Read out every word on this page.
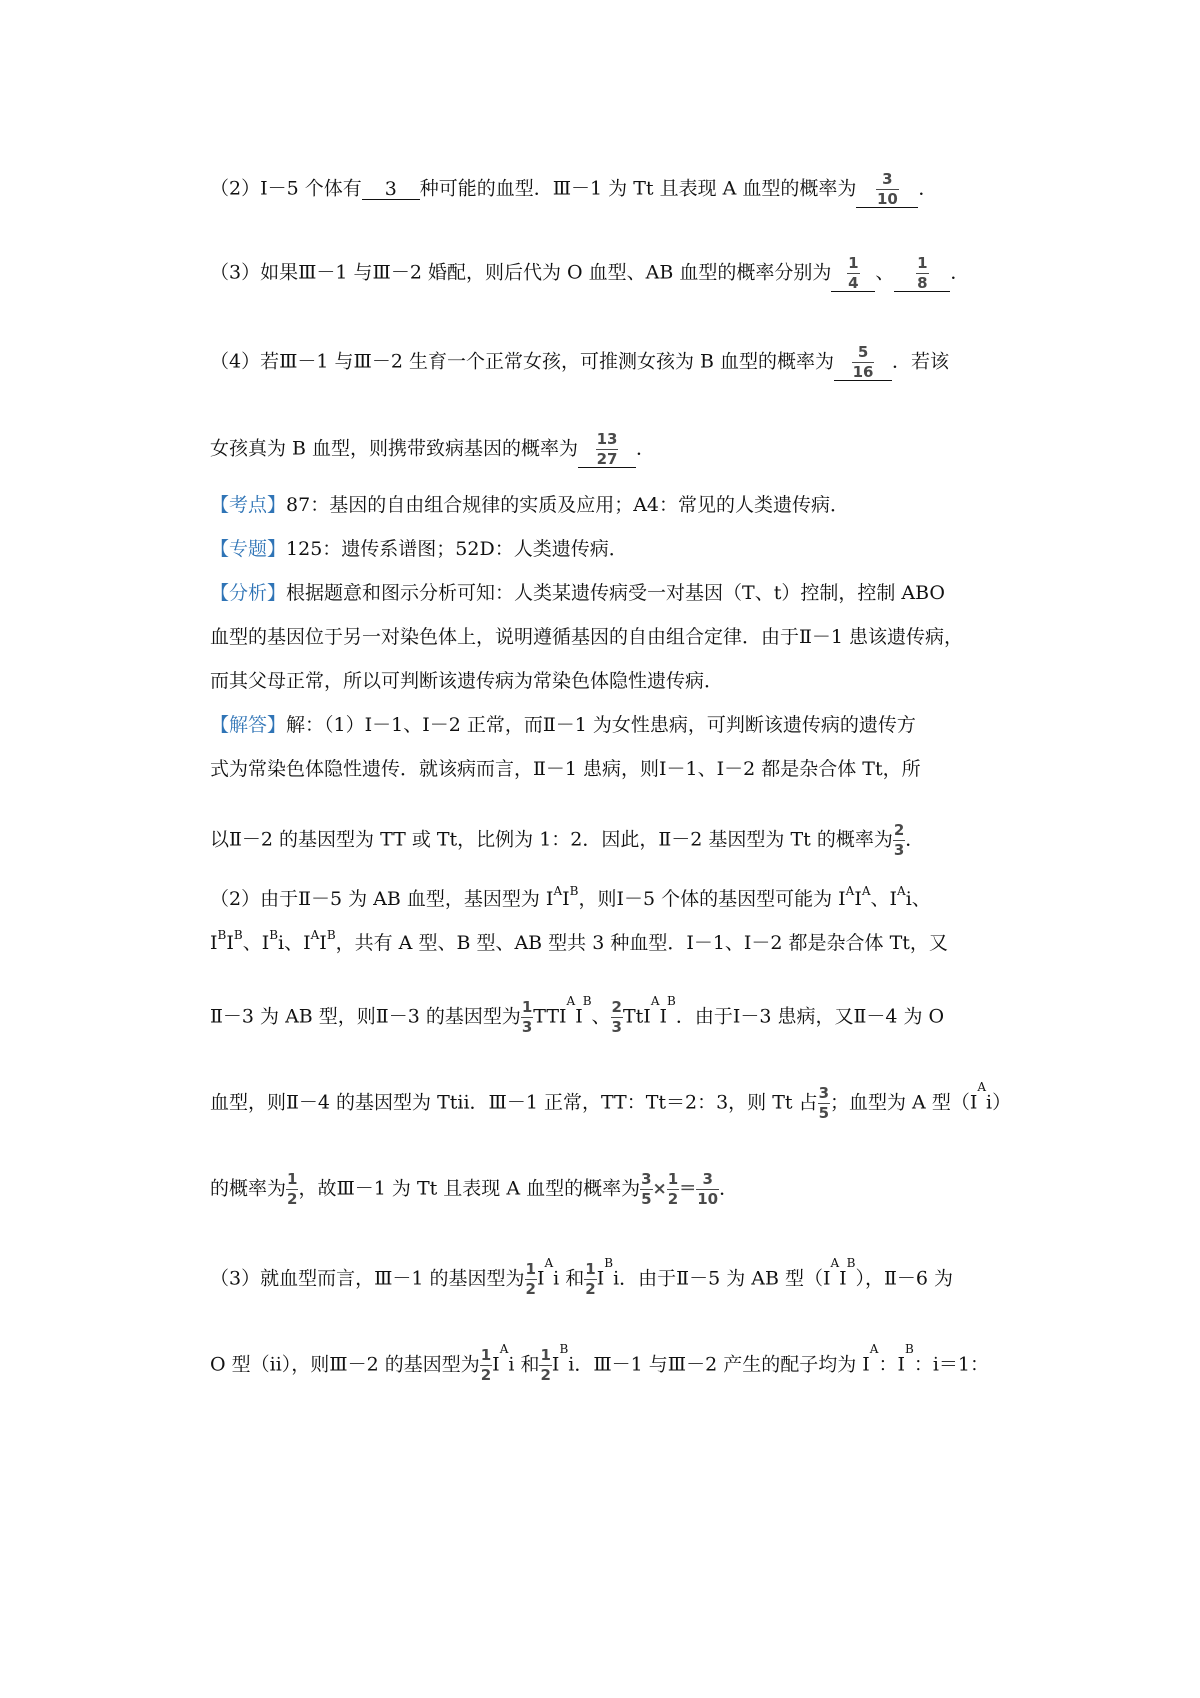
（2）Ⅰ－5 个体有 3 种可能的血型．Ⅲ－1 为 Tt 且表现 A 血型的概率为 $\frac{3}{10}$ ．
（3）如果Ⅲ－1 与Ⅲ－2 婚配，则后代为 O 血型、AB 血型的概率分别为 $\frac{1}{4}$ 、 $\frac{1}{8}$ ．
（4）若Ⅲ－1 与Ⅲ－2 生育一个正常女孩，可推测女孩为 B 血型的概率为 $\frac{5}{16}$ ．若该
女孩真为 B 血型，则携带致病基因的概率为 $\frac{13}{27}$ ．
【考点】87：基因的自由组合规律的实质及应用；A4：常见的人类遗传病．
【专题】125：遗传系谱图；52D：人类遗传病．
【分析】根据题意和图示分析可知：人类某遗传病受一对基因（T、t）控制，控制 ABO
血型的基因位于另一对染色体上，说明遵循基因的自由组合定律．由于Ⅱ－1 患该遗传病，
而其父母正常，所以可判断该遗传病为常染色体隐性遗传病．
【解答】解：（1）Ⅰ－1、Ⅰ－2 正常，而Ⅱ－1 为女性患病，可判断该遗传病的遗传方
式为常染色体隐性遗传．就该病而言，Ⅱ－1 患病，则Ⅰ－1、Ⅰ－2 都是杂合体 Tt，所
以Ⅱ－2 的基因型为 TT 或 Tt，比例为 1：2．因此，Ⅱ－2 基因型为 Tt 的概率为 $\frac{2}{3}$ ．
（2）由于Ⅱ－5 为 AB 血型，基因型为 $I^AI^B$，则Ⅰ－5 个体的基因型可能为 $I^AI^A$、$I^Ai$、
$I^BI^B$、$I^Bi$、$I^AI^B$，共有 A 型、B 型、AB 型共 3 种血型．Ⅰ－1、Ⅰ－2 都是杂合体 Tt，又
Ⅱ－3 为 AB 型，则Ⅱ－3 的基因型为 $\frac{1}{3} TTI^AI^B$、 $\frac{2}{3} TtI^AI^B$．由于Ⅰ－3 患病，又Ⅱ－4 为 O
血型，则Ⅱ－4 的基因型为 Ttii．Ⅲ－1 正常，TT：Tt＝2：3，则 Tt 占 $\frac{3}{5}$ ；血型为 A 型$(I^Ai)$
的概率为 $\frac{1}{2}$ ，故Ⅲ－1 为 Tt 且表现 A 血型的概率为 $\frac{3}{5} \times \frac{1}{2} = \frac{3}{10}$ ．
（3）就血型而言，Ⅲ－1 的基因型为 $\frac{1}{2} I^Ai$ 和 $\frac{1}{2} I^Bi$．由于Ⅱ－5 为 AB 型$(I^AI^B)$，Ⅱ－6 为
O 型（ii），则Ⅲ－2 的基因型为 $\frac{1}{2} I^Ai$ 和 $\frac{1}{2} I^Bi$．Ⅲ－1 与Ⅲ－2 产生的配子均为 $I^A$：$I^B$：i＝1：
